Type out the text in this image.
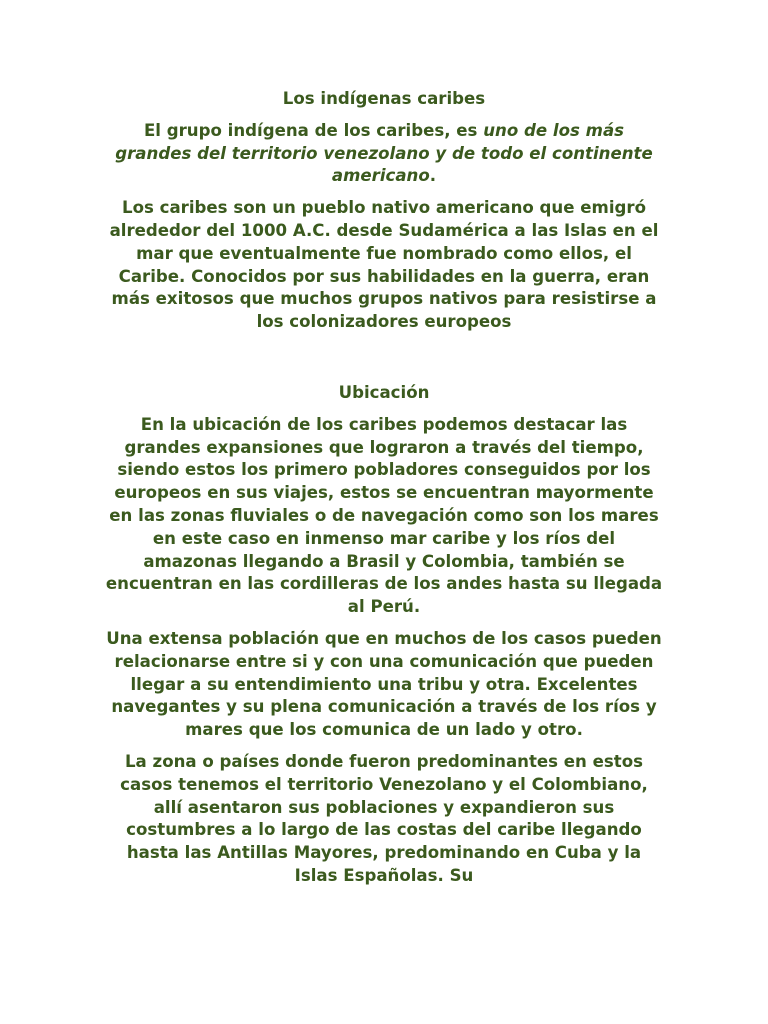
Los indígenas caribes

El grupo indígena de los caribes, es uno de los más grandes del territorio venezolano y de todo el continente americano.

Los caribes son un pueblo nativo americano que emigró alrededor del 1000 A.C. desde Sudamérica a las Islas en el mar que eventualmente fue nombrado como ellos, el Caribe. Conocidos por sus habilidades en la guerra, eran más exitosos que muchos grupos nativos para resistirse a los colonizadores europeos

Ubicación

En la ubicación de los caribes podemos destacar las grandes expansiones que lograron a través del tiempo, siendo estos los primero pobladores conseguidos por los europeos en sus viajes, estos se encuentran mayormente en las zonas fluviales o de navegación como son los mares en este caso en inmenso mar caribe y los ríos del amazonas llegando a Brasil y Colombia, también se encuentran en las cordilleras de los andes hasta su llegada al Perú.

Una extensa población que en muchos de los casos pueden relacionarse entre si y con una comunicación que pueden llegar a su entendimiento una tribu y otra. Excelentes navegantes y su plena comunicación a través de los ríos y mares que los comunica de un lado y otro.

La zona o países donde fueron predominantes en estos casos tenemos el territorio Venezolano y el Colombiano, allí asentaron sus poblaciones y expandieron sus costumbres a lo largo de las costas del caribe llegando hasta las Antillas Mayores, predominando en Cuba y la Islas Españolas. Su
